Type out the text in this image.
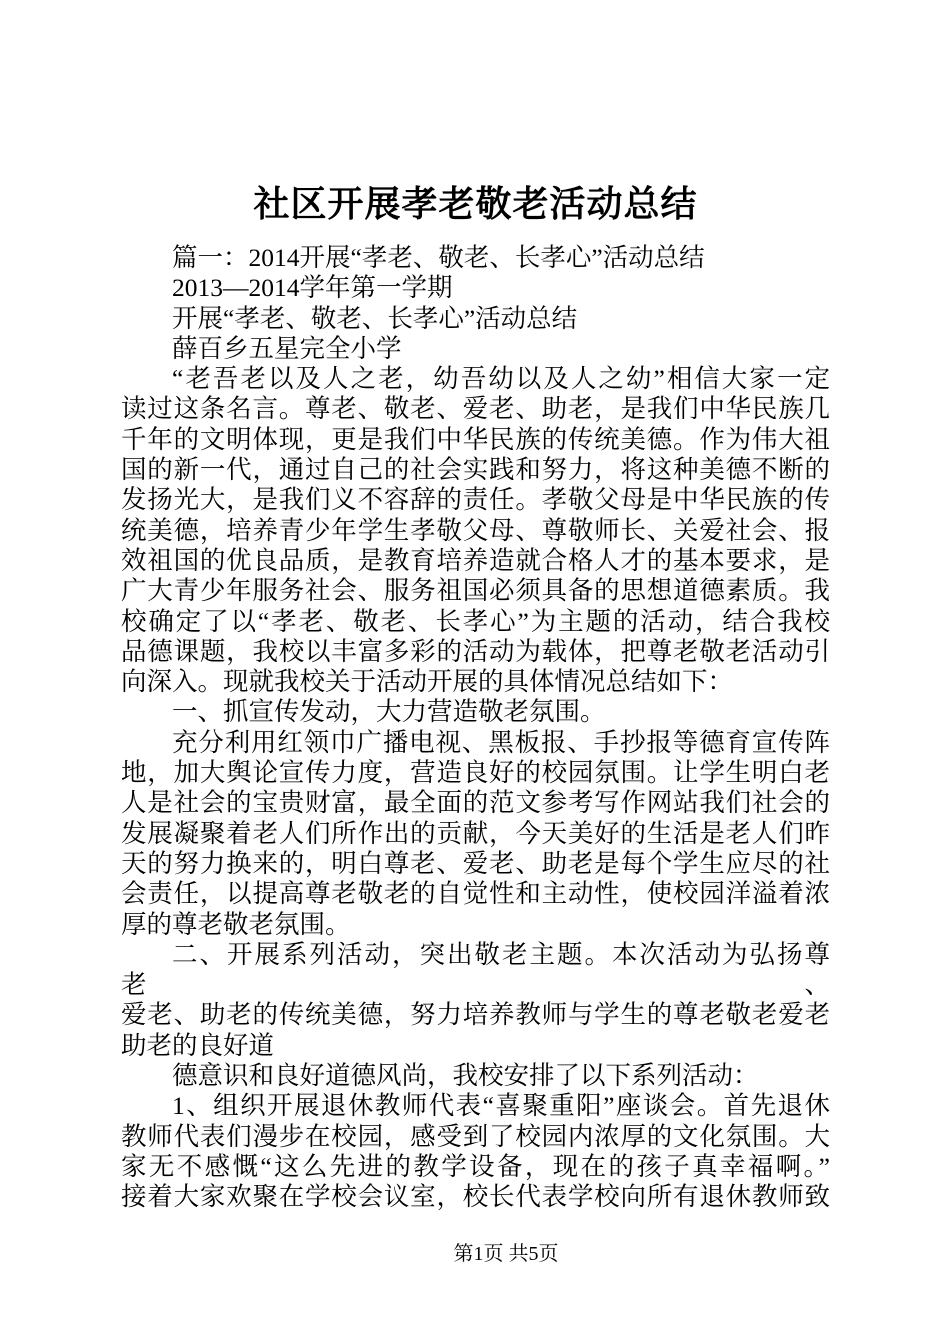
社区开展孝老敬老活动总结
篇一：2014开展“孝老、敬老、长孝心”活动总结
2013—2014学年第一学期
开展“孝老、敬老、长孝心”活动总结
薛百乡五星完全小学
“老吾老以及人之老，幼吾幼以及人之幼”相信大家一定
读过这条名言。尊老、敬老、爱老、助老，是我们中华民族几
千年的文明体现，更是我们中华民族的传统美德。作为伟大祖
国的新一代，通过自己的社会实践和努力，将这种美德不断的
发扬光大，是我们义不容辞的责任。孝敬父母是中华民族的传
统美德，培养青少年学生孝敬父母、尊敬师长、关爱社会、报
效祖国的优良品质，是教育培养造就合格人才的基本要求，是
广大青少年服务社会、服务祖国必须具备的思想道德素质。我
校确定了以“孝老、敬老、长孝心”为主题的活动，结合我校
品德课题，我校以丰富多彩的活动为载体，把尊老敬老活动引
向深入。现就我校关于活动开展的具体情况总结如下：
一、抓宣传发动，大力营造敬老氛围。
充分利用红领巾广播电视、黑板报、手抄报等德育宣传阵
地，加大舆论宣传力度，营造良好的校园氛围。让学生明白老
人是社会的宝贵财富，最全面的范文参考写作网站我们社会的
发展凝聚着老人们所作出的贡献，今天美好的生活是老人们昨
天的努力换来的，明白尊老、爱老、助老是每个学生应尽的社
会责任，以提高尊老敬老的自觉性和主动性，使校园洋溢着浓
厚的尊老敬老氛围。
二、开展系列活动，突出敬老主题。本次活动为弘扬尊老、
爱老、助老的传统美德，努力培养教师与学生的尊老敬老爱老
助老的良好道
德意识和良好道德风尚，我校安排了以下系列活动：
1、组织开展退休教师代表“喜聚重阳”座谈会。首先退休
教师代表们漫步在校园，感受到了校园内浓厚的文化氛围。大
家无不感慨“这么先进的教学设备，现在的孩子真幸福啊。”
接着大家欢聚在学校会议室，校长代表学校向所有退休教师致
第1页 共5页
